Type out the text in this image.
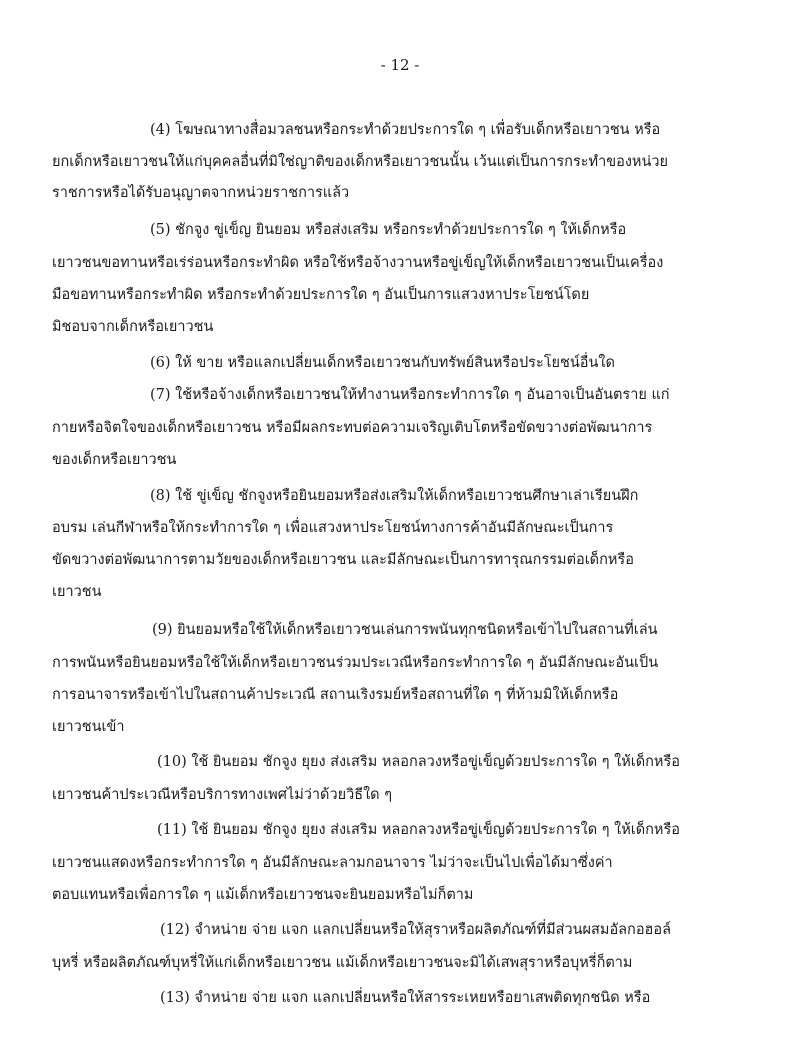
- 12 -
(4) โฆษณาทางสื่อมวลชนหรือกระทำด้วยประการใด ๆ เพื่อรับเด็กหรือเยาวชน หรือ
ยกเด็กหรือเยาวชนให้แก่บุคคลอื่นที่มิใช่ญาติของเด็กหรือเยาวชนนั้น เว้นแต่เป็นการกระทำของหน่วย
ราชการหรือได้รับอนุญาตจากหน่วยราชการแล้ว
(5) ชักจูง ขู่เข็ญ ยินยอม หรือส่งเสริม หรือกระทำด้วยประการใด ๆ ให้เด็กหรือ
เยาวชนขอทานหรือเร่ร่อนหรือกระทำผิด หรือใช้หรือจ้างวานหรือขู่เข็ญให้เด็กหรือเยาวชนเป็นเครื่อง
มือขอทานหรือกระทำผิด หรือกระทำด้วยประการใด ๆ อันเป็นการแสวงหาประโยชน์โดย
มิชอบจากเด็กหรือเยาวชน
(6) ให้ ขาย หรือแลกเปลี่ยนเด็กหรือเยาวชนกับทรัพย์สินหรือประโยชน์อื่นใด
(7) ใช้หรือจ้างเด็กหรือเยาวชนให้ทำงานหรือกระทำการใด ๆ อันอาจเป็นอันตราย แก่
กายหรือจิตใจของเด็กหรือเยาวชน หรือมีผลกระทบต่อความเจริญเติบโตหรือขัดขวางต่อพัฒนาการ
ของเด็กหรือเยาวชน
(8) ใช้ ขู่เข็ญ ชักจูงหรือยินยอมหรือส่งเสริมให้เด็กหรือเยาวชนศึกษาเล่าเรียนฝึก
อบรม เล่นกีฬาหรือให้กระทำการใด ๆ เพื่อแสวงหาประโยชน์ทางการค้าอันมีลักษณะเป็นการ
ขัดขวางต่อพัฒนาการตามวัยของเด็กหรือเยาวชน และมีลักษณะเป็นการทารุณกรรมต่อเด็กหรือ
เยาวชน
(9) ยินยอมหรือใช้ให้เด็กหรือเยาวชนเล่นการพนันทุกชนิดหรือเข้าไปในสถานที่เล่น
การพนันหรือยินยอมหรือใช้ให้เด็กหรือเยาวชนร่วมประเวณีหรือกระทำการใด ๆ อันมีลักษณะอันเป็น
การอนาจารหรือเข้าไปในสถานค้าประเวณี สถานเริงรมย์หรือสถานที่ใด ๆ ที่ห้ามมิให้เด็กหรือ
เยาวชนเข้า
(10) ใช้ ยินยอม ชักจูง ยุยง ส่งเสริม หลอกลวงหรือขู่เข็ญด้วยประการใด ๆ ให้เด็กหรือ
เยาวชนค้าประเวณีหรือบริการทางเพศไม่ว่าด้วยวิธีใด ๆ
(11) ใช้ ยินยอม ชักจูง ยุยง ส่งเสริม หลอกลวงหรือขู่เข็ญด้วยประการใด ๆ ให้เด็กหรือ
เยาวชนแสดงหรือกระทำการใด ๆ อันมีลักษณะลามกอนาจาร ไม่ว่าจะเป็นไปเพื่อได้มาซึ่งค่า
ตอบแทนหรือเพื่อการใด ๆ แม้เด็กหรือเยาวชนจะยินยอมหรือไม่ก็ตาม
(12) จำหน่าย จ่าย แจก แลกเปลี่ยนหรือให้สุราหรือผลิตภัณฑ์ที่มีส่วนผสมอัลกอฮอล์
บุหรี่ หรือผลิตภัณฑ์บุหรี่ให้แก่เด็กหรือเยาวชน แม้เด็กหรือเยาวชนจะมิได้เสพสุราหรือบุหรี่ก็ตาม
(13) จำหน่าย จ่าย แจก แลกเปลี่ยนหรือให้สารระเหยหรือยาเสพติดทุกชนิด หรือ
